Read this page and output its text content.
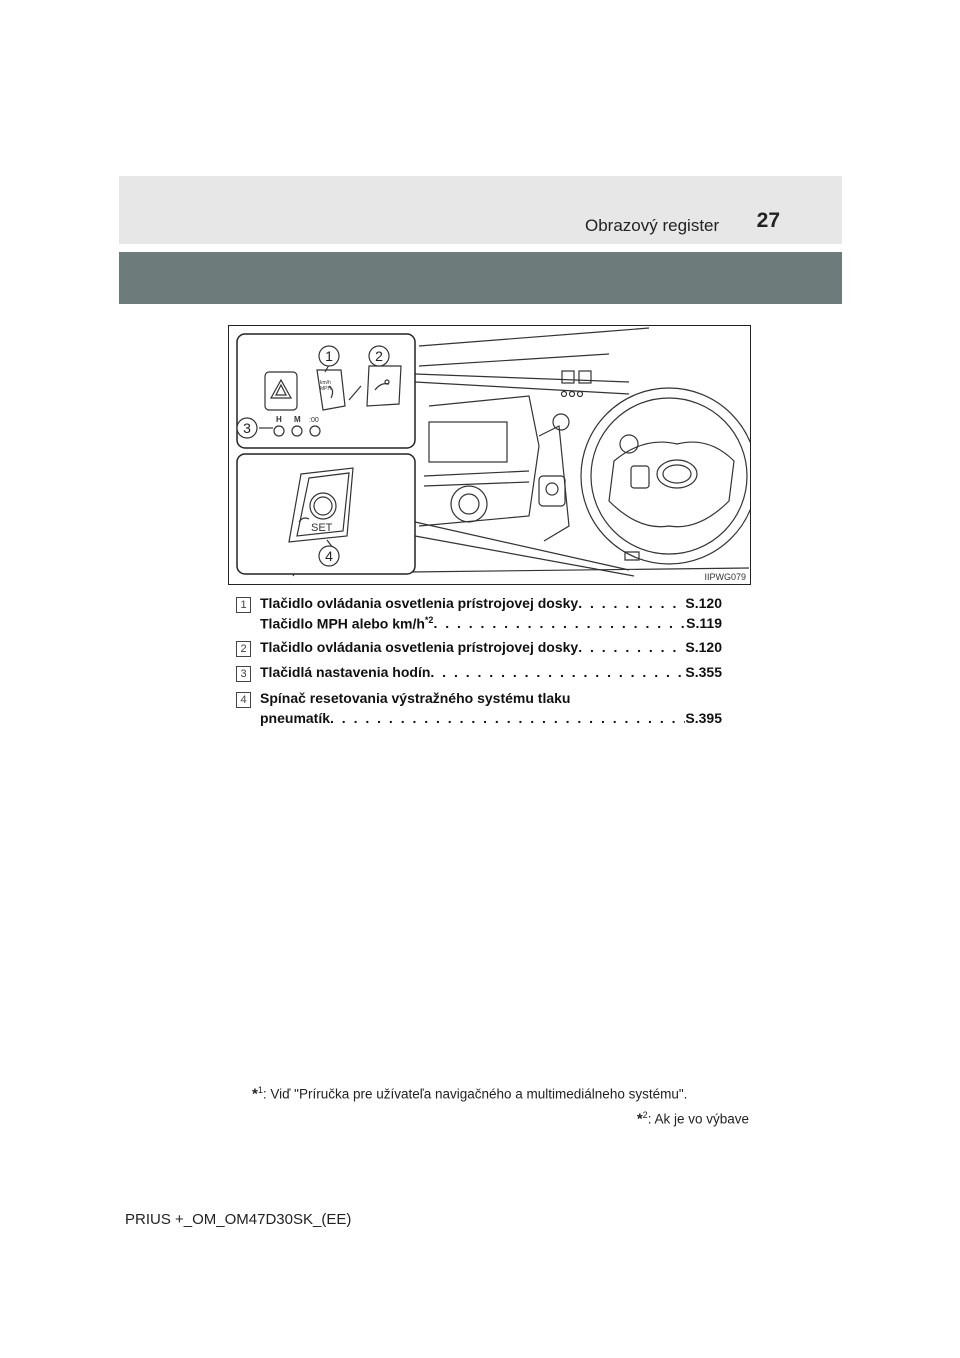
Obrazový register	27
km/h
MPH
H M :00
1	2
3
SET
4
IIPWG079
1 Tlačidlo ovládania osvetlenia prístrojovej dosky . . .	S.120
Tlačidlo MPH alebo $km/h^{*2}$ . . .	S.119
2 Tlačidlo ovládania osvetlenia prístrojovej dosky . . .	S.120
3 Tlačidlá nastavenia hodín . . .	S.355
4 Spínač resetovania výstražného systému tlaku
pneumatík . . .	S.395
*$^1$: Viď "Príručka pre užívateľa navigačného a multimediálneho systému".
*$^2$: Ak je vo výbave
PRIUS +_OM_OM47D30SK_(EE)
